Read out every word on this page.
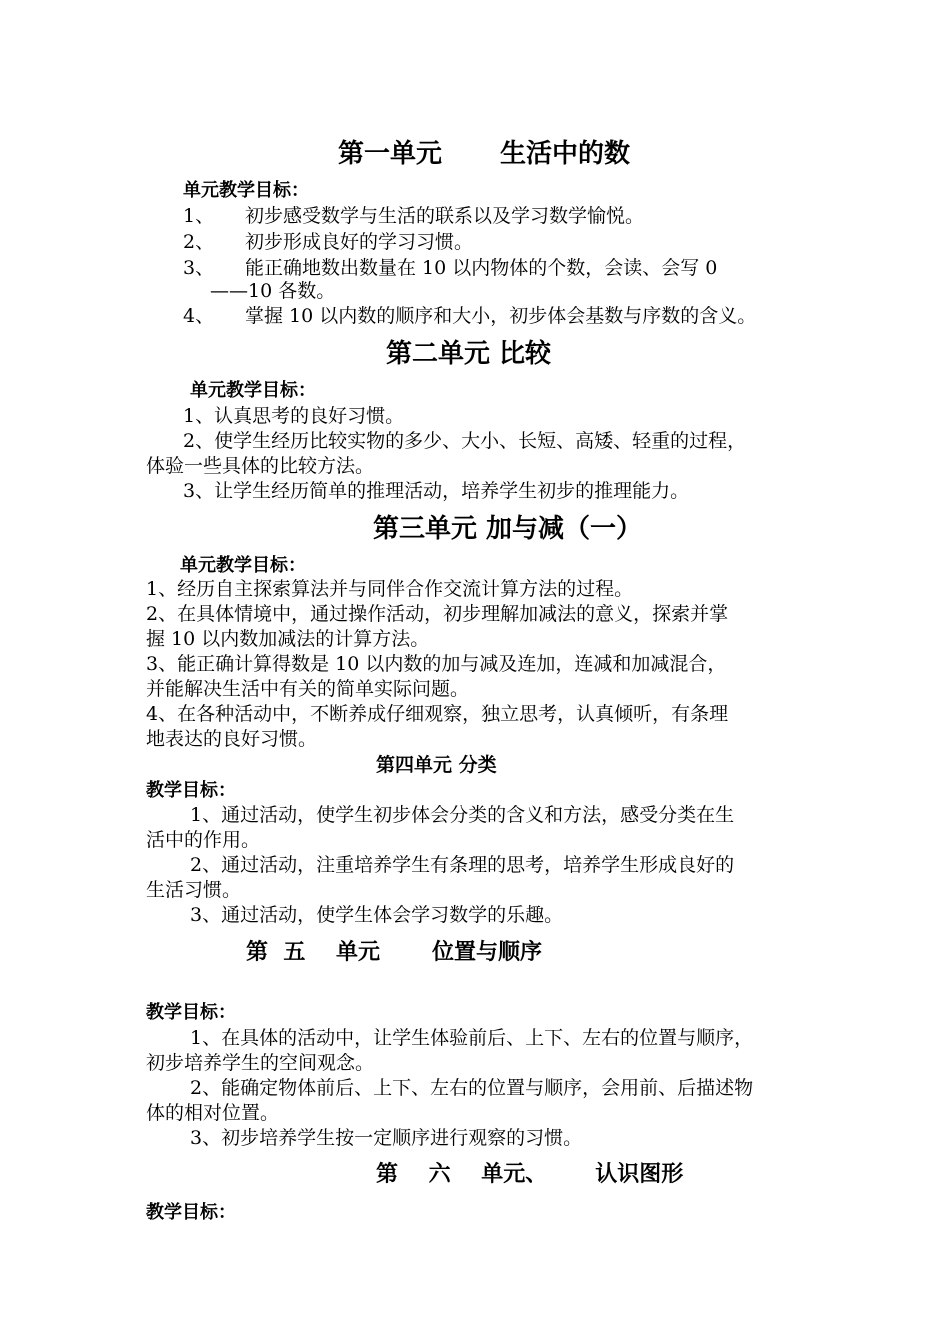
第一单元 生活中的数
单元教学目标：
1、 初步感受数学与生活的联系以及学习数学愉悦。
2、 初步形成良好的学习习惯。
3、 能正确地数出数量在 10 以内物体的个数，会读、会写 0
——10 各数。
4、 掌握 10 以内数的顺序和大小，初步体会基数与序数的含义。
第二单元 比较
单元教学目标：
1、认真思考的良好习惯。
2、使学生经历比较实物的多少、大小、长短、高矮、轻重的过程，
体验一些具体的比较方法。
3、让学生经历简单的推理活动，培养学生初步的推理能力。
第三单元 加与减（一）
单元教学目标：
1、经历自主探索算法并与同伴合作交流计算方法的过程。
2、在具体情境中，通过操作活动，初步理解加减法的意义，探索并掌
握 10 以内数加减法的计算方法。
3、能正确计算得数是 10 以内数的加与减及连加，连减和加减混合，
并能解决生活中有关的简单实际问题。
4、在各种活动中，不断养成仔细观察，独立思考，认真倾听，有条理
地表达的良好习惯。
第四单元 分类
教学目标：
1、通过活动，使学生初步体会分类的含义和方法，感受分类在生
活中的作用。
2、通过活动，注重培养学生有条理的思考，培养学生形成良好的
生活习惯。
3、通过活动，使学生体会学习数学的乐趣。
第  五    单元 位置与顺序
教学目标：
1、在具体的活动中，让学生体验前后、上下、左右的位置与顺序，
初步培养学生的空间观念。
2、能确定物体前后、上下、左右的位置与顺序，会用前、后描述物
体的相对位置。
3、初步培养学生按一定顺序进行观察的习惯。
第    六    单元、 认识图形
教学目标：
